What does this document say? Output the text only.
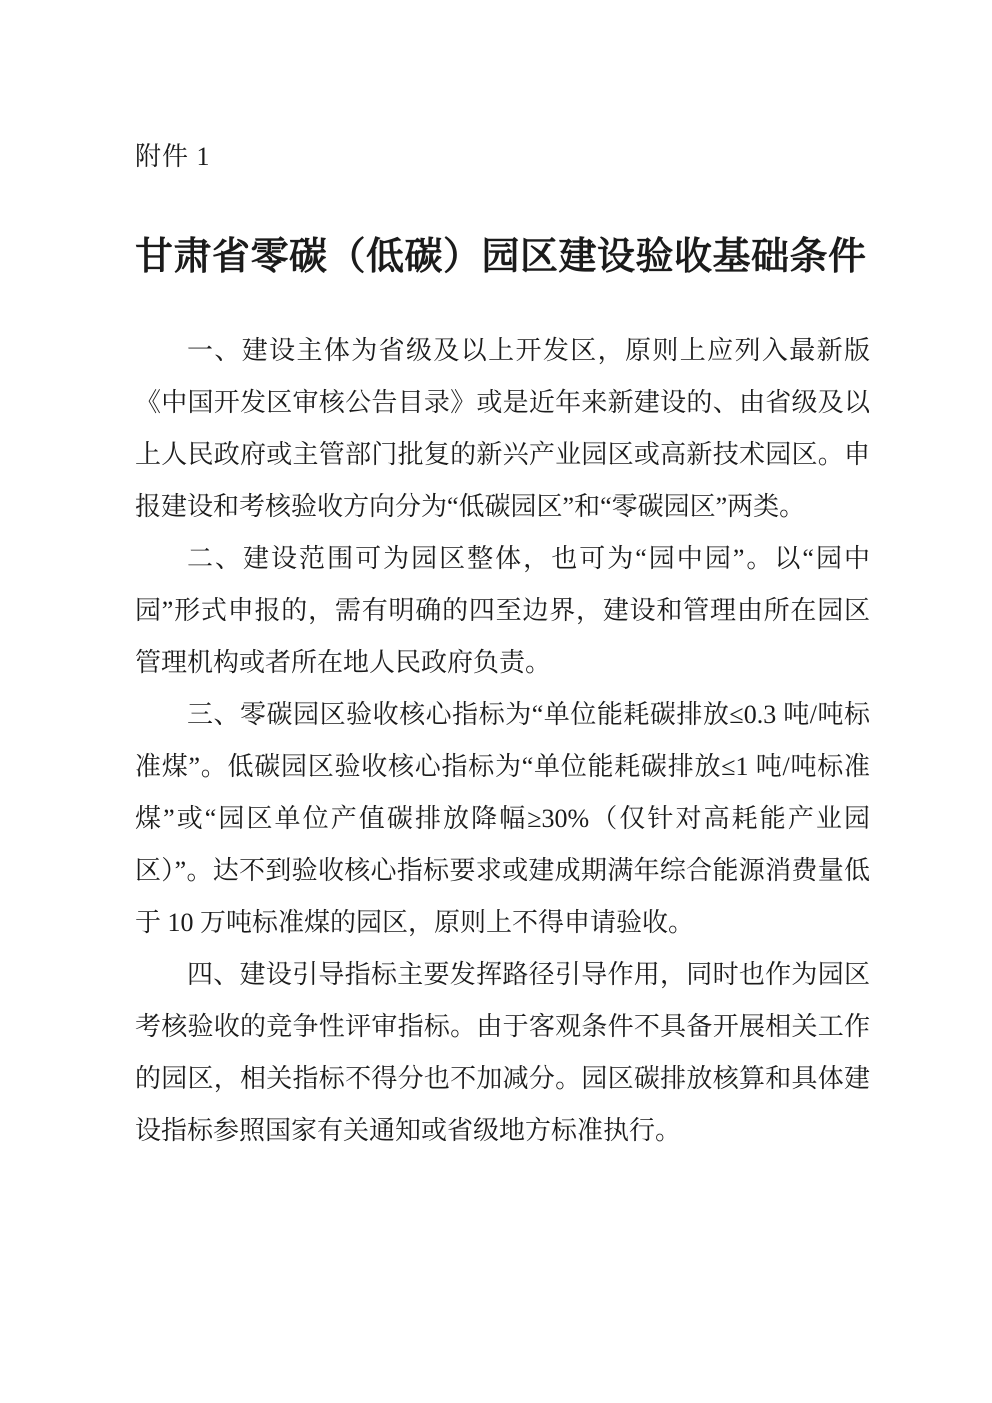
附件 1
甘肃省零碳（低碳）园区建设验收基础条件

一、建设主体为省级及以上开发区，原则上应列入最新版《中国开发区审核公告目录》或是近年来新建设的、由省级及以上人民政府或主管部门批复的新兴产业园区或高新技术园区。申报建设和考核验收方向分为“低碳园区”和“零碳园区”两类。

二、建设范围可为园区整体，也可为“园中园”。以“园中园”形式申报的，需有明确的四至边界，建设和管理由所在园区管理机构或者所在地人民政府负责。

三、零碳园区验收核心指标为“单位能耗碳排放≤0.3 吨/吨标准煤”。低碳园区验收核心指标为“单位能耗碳排放≤1 吨/吨标准煤”或“园区单位产值碳排放降幅≥30%（仅针对高耗能产业园区）”。达不到验收核心指标要求或建成期满年综合能源消费量低于 10 万吨标准煤的园区，原则上不得申请验收。

四、建设引导指标主要发挥路径引导作用，同时也作为园区考核验收的竞争性评审指标。由于客观条件不具备开展相关工作的园区，相关指标不得分也不加减分。园区碳排放核算和具体建设指标参照国家有关通知或省级地方标准执行。
